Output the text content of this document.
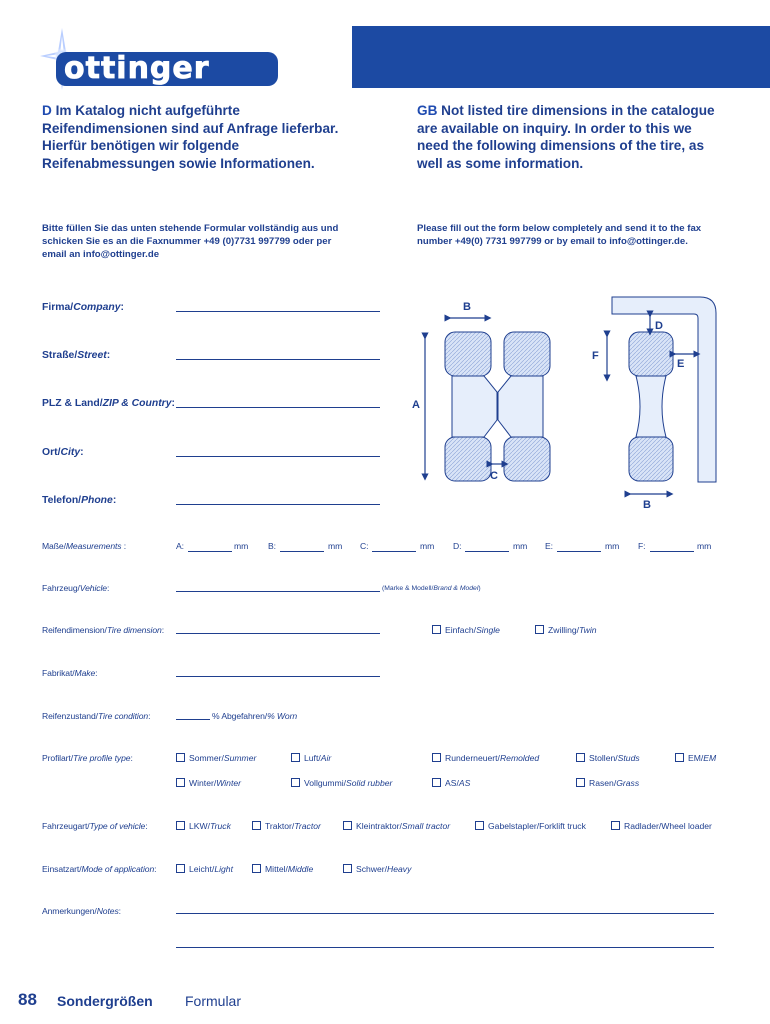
ottinger
D Im Katalog nicht aufgeführte Reifendimensionen sind auf Anfrage lieferbar. Hierfür benötigen wir folgende Reifenabmessungen sowie Informationen.
GB Not listed tire dimensions in the catalogue are available on inquiry. In order to this we need the following dimensions of the tire, as well as some information.
Bitte füllen Sie das unten stehende Formular vollständig aus und schicken Sie es an die Faxnummer +49 (0)7731 997799 oder per email an info@ottinger.de
Please fill out the form below completely and send it to the fax number +49(0) 7731 997799 or by email to info@ottinger.de.
Firma/Company:
Straße/Street:
PLZ & Land/ZIP & Country:
Ort/City:
Telefon/Phone:
A
B
C
D
E
F
B
Maße/Measurements :	A:	mm B:	mm C:	mm D:	mm E:	mm F:	mm
Fahrzeug/Vehicle:	(Marke & Modell/Brand & Model)
Reifendimension/Tire dimension:	Einfach/Single	Zwilling/Twin
Fabrikat/Make:
Reifenzustand/Tire condition:	% Abgefahren/% Worn
Profilart/Tire profile type:	Sommer/Summer	Luft/Air	Runderneuert/Remolded	Stollen/Studs	EM/EM
Winter/Winter	Vollgummi/Solid rubber	AS/AS	Rasen/Grass
Fahrzeugart/Type of vehicle:	LKW/Truck	Traktor/Tractor	Kleintraktor/Small tractor	Gabelstapler/Forklift truck	Radlader/Wheel loader
Einsatzart/Mode of application:	Leicht/Light	Mittel/Middle	Schwer/Heavy
Anmerkungen/Notes:
88 Sondergrößen Formular
